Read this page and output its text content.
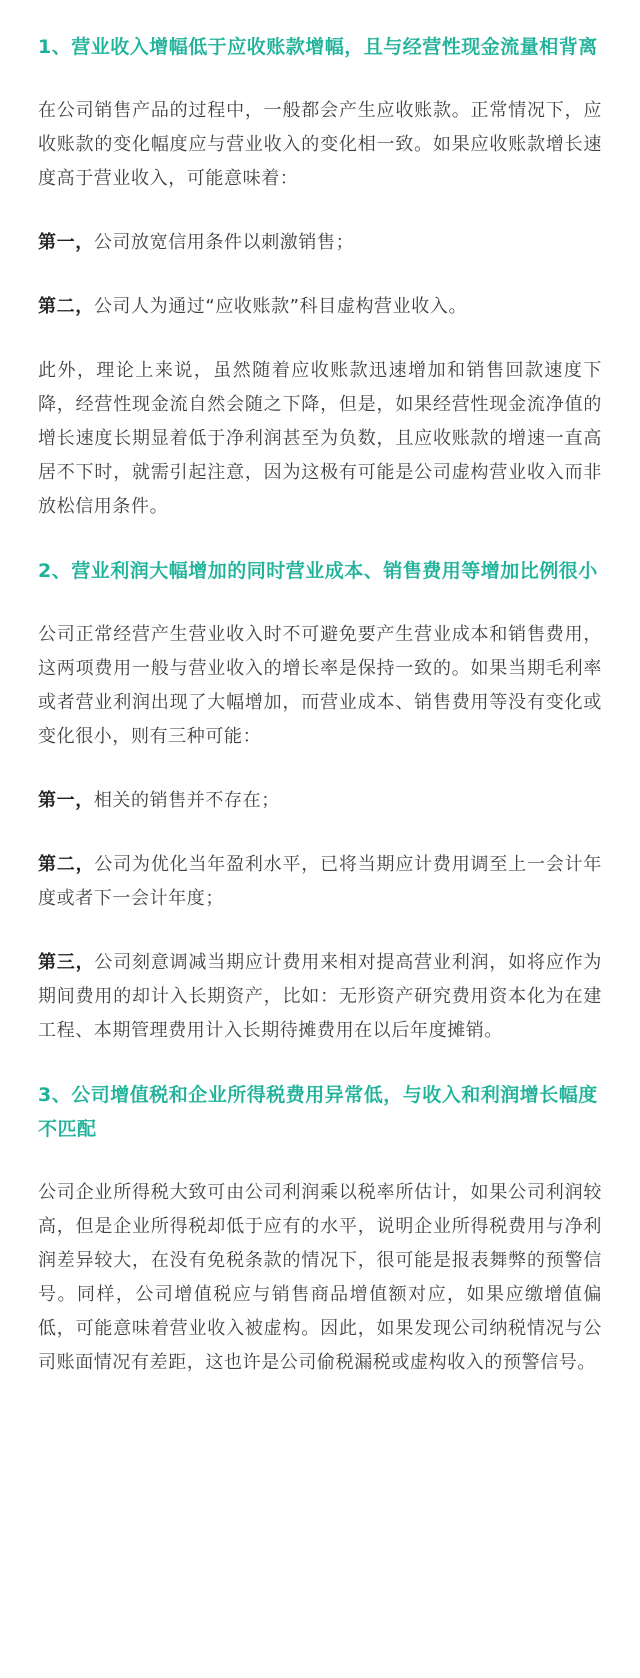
1、营业收入增幅低于应收账款增幅，且与经营性现金流量相背离

在公司销售产品的过程中，一般都会产生应收账款。正常情况下，应收账款的变化幅度应与营业收入的变化相一致。如果应收账款增长速度高于营业收入，可能意味着：

第一，公司放宽信用条件以刺激销售；

第二，公司人为通过“应收账款”科目虚构营业收入。

此外，理论上来说，虽然随着应收账款迅速增加和销售回款速度下降，经营性现金流自然会随之下降，但是，如果经营性现金流净值的增长速度长期显着低于净利润甚至为负数，且应收账款的增速一直高居不下时，就需引起注意，因为这极有可能是公司虚构营业收入而非放松信用条件。

2、营业利润大幅增加的同时营业成本、销售费用等增加比例很小

公司正常经营产生营业收入时不可避免要产生营业成本和销售费用，这两项费用一般与营业收入的增长率是保持一致的。如果当期毛利率或者营业利润出现了大幅增加，而营业成本、销售费用等没有变化或变化很小，则有三种可能：

第一，相关的销售并不存在；

第二，公司为优化当年盈利水平，已将当期应计费用调至上一会计年度或者下一会计年度；

第三，公司刻意调减当期应计费用来相对提高营业利润，如将应作为期间费用的却计入长期资产，比如：无形资产研究费用资本化为在建工程、本期管理费用计入长期待摊费用在以后年度摊销。

3、公司增值税和企业所得税费用异常低，与收入和利润增长幅度不匹配

公司企业所得税大致可由公司利润乘以税率所估计，如果公司利润较高，但是企业所得税却低于应有的水平，说明企业所得税费用与净利润差异较大，在没有免税条款的情况下，很可能是报表舞弊的预警信号。同样，公司增值税应与销售商品增值额对应，如果应缴增值偏低，可能意味着营业收入被虚构。因此，如果发现公司纳税情况与公司账面情况有差距，这也许是公司偷税漏税或虚构收入的预警信号。
